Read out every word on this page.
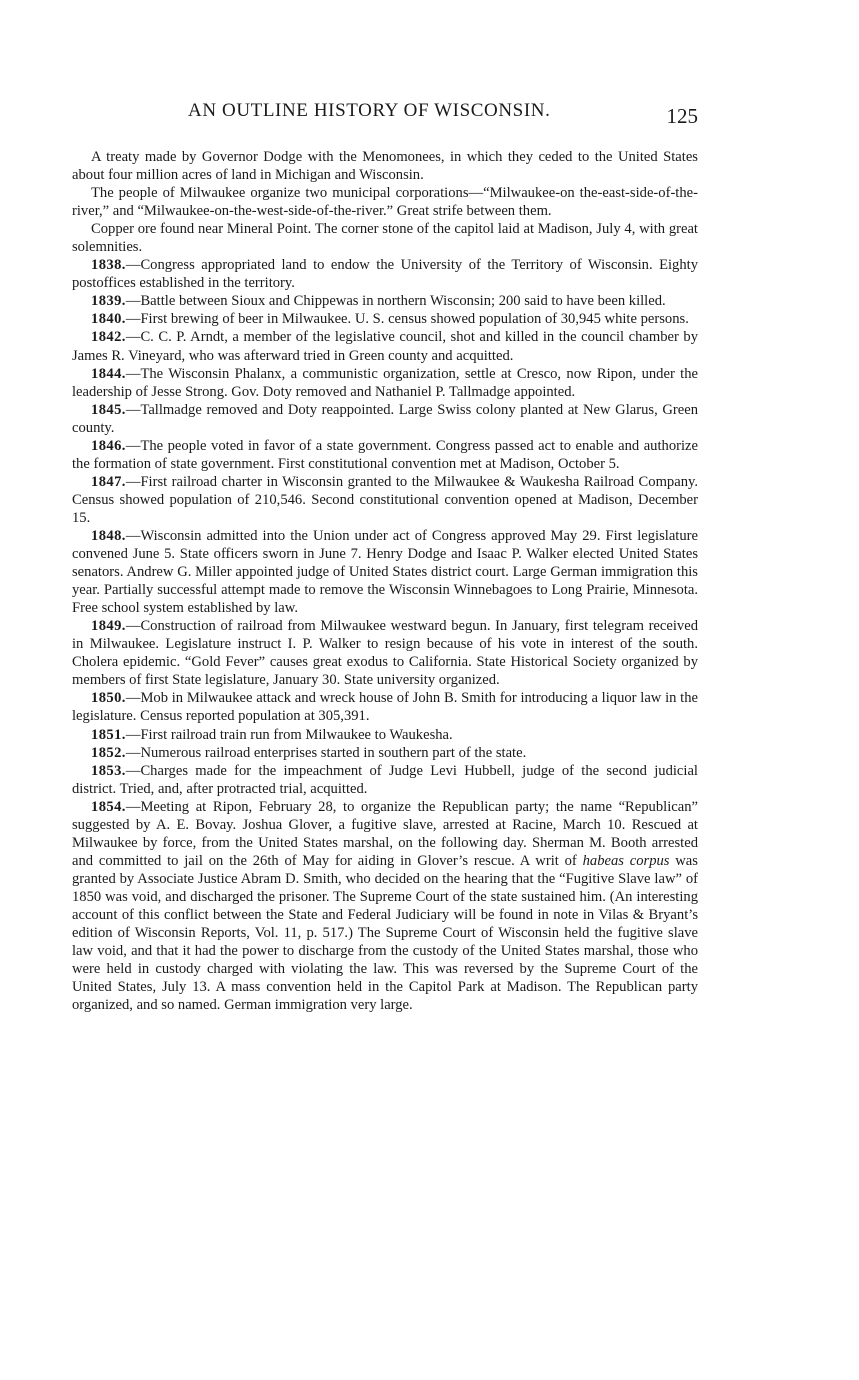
AN OUTLINE HISTORY OF WISCONSIN.	125

A treaty made by Governor Dodge with the Menomonees, in which they ceded to the United States about four million acres of land in Michigan and Wisconsin.

The people of Milwaukee organize two municipal corporations—“Milwaukee-on the-east-side-of-the-river,” and “Milwaukee-on-the-west-side-of-the-river.” Great strife between them.

Copper ore found near Mineral Point. The corner stone of the capitol laid at Madison, July 4, with great solemnities.

1838.—Congress appropriated land to endow the University of the Territory of Wisconsin. Eighty postoffices established in the territory.

1839.—Battle between Sioux and Chippewas in northern Wisconsin; 200 said to have been killed.

1840.—First brewing of beer in Milwaukee. U. S. census showed population of 30,945 white persons.

1842.—C. C. P. Arndt, a member of the legislative council, shot and killed in the council chamber by James R. Vineyard, who was afterward tried in Green county and acquitted.

1844.—The Wisconsin Phalanx, a communistic organization, settle at Cresco, now Ripon, under the leadership of Jesse Strong. Gov. Doty removed and Nathaniel P. Tallmadge appointed.

1845.—Tallmadge removed and Doty reappointed. Large Swiss colony planted at New Glarus, Green county.

1846.—The people voted in favor of a state government. Congress passed act to enable and authorize the formation of state government. First constitutional convention met at Madison, October 5.

1847.—First railroad charter in Wisconsin granted to the Milwaukee & Waukesha Railroad Company. Census showed population of 210,546. Second constitutional convention opened at Madison, December 15.

1848.—Wisconsin admitted into the Union under act of Congress approved May 29. First legislature convened June 5. State officers sworn in June 7. Henry Dodge and Isaac P. Walker elected United States senators. Andrew G. Miller appointed judge of United States district court. Large German immigration this year. Partially successful attempt made to remove the Wisconsin Winnebagoes to Long Prairie, Minnesota. Free school system established by law.

1849.—Construction of railroad from Milwaukee westward begun. In January, first telegram received in Milwaukee. Legislature instruct I. P. Walker to resign because of his vote in interest of the south. Cholera epidemic. “Gold Fever” causes great exodus to California. State Historical Society organized by members of first State legislature, January 30. State university organized.

1850.—Mob in Milwaukee attack and wreck house of John B. Smith for introducing a liquor law in the legislature. Census reported population at 305,391.

1851.—First railroad train run from Milwaukee to Waukesha.

1852.—Numerous railroad enterprises started in southern part of the state.

1853.—Charges made for the impeachment of Judge Levi Hubbell, judge of the second judicial district. Tried, and, after protracted trial, acquitted.

1854.—Meeting at Ripon, February 28, to organize the Republican party; the name “Republican” suggested by A. E. Bovay. Joshua Glover, a fugitive slave, arrested at Racine, March 10. Rescued at Milwaukee by force, from the United States marshal, on the following day. Sherman M. Booth arrested and committed to jail on the 26th of May for aiding in Glover’s rescue. A writ of habeas corpus was granted by Associate Justice Abram D. Smith, who decided on the hearing that the “Fugitive Slave law” of 1850 was void, and discharged the prisoner. The Supreme Court of the state sustained him. (An interesting account of this conflict between the State and Federal Judiciary will be found in note in Vilas & Bryant’s edition of Wisconsin Reports, Vol. 11, p. 517.) The Supreme Court of Wisconsin held the fugitive slave law void, and that it had the power to discharge from the custody of the United States marshal, those who were held in custody charged with violating the law. This was reversed by the Supreme Court of the United States, July 13. A mass convention held in the Capitol Park at Madison. The Republican party organized, and so named. German immigration very large.
